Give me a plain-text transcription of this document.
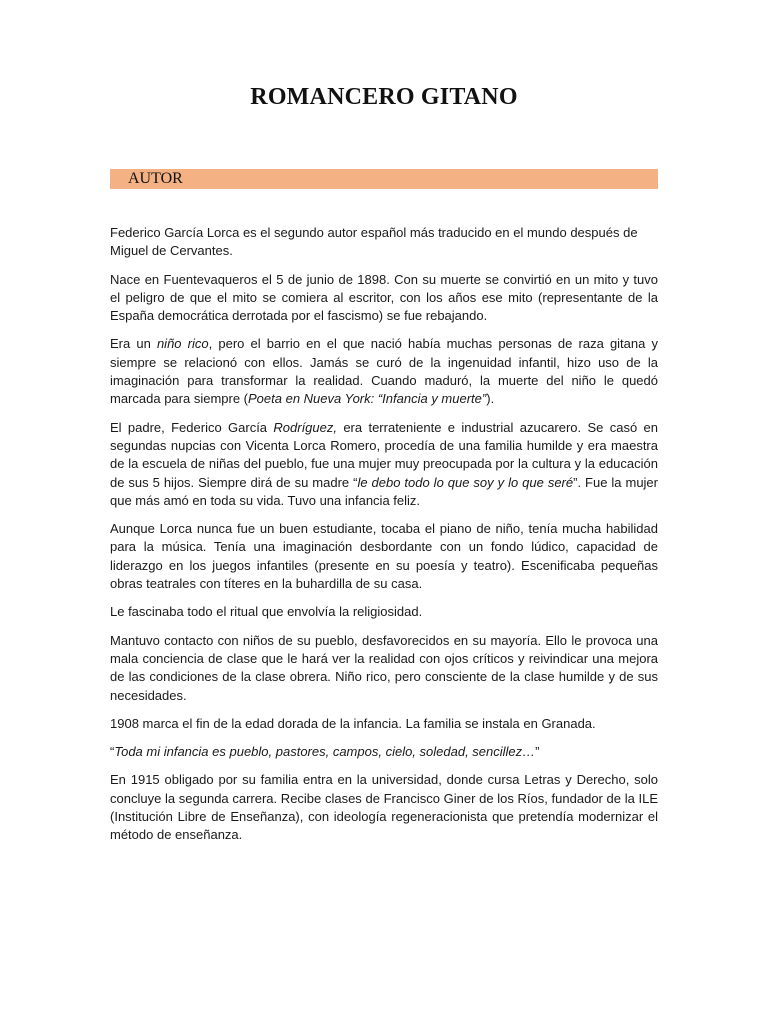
ROMANCERO GITANO
AUTOR

Federico García Lorca es el segundo autor español más traducido en el mundo después de Miguel de Cervantes.

Nace en Fuentevaqueros el 5 de junio de 1898. Con su muerte se convirtió en un mito y tuvo el peligro de que el mito se comiera al escritor, con los años ese mito (representante de la España democrática derrotada por el fascismo) se fue rebajando.

Era un niño rico, pero el barrio en el que nació había muchas personas de raza gitana y siempre se relacionó con ellos. Jamás se curó de la ingenuidad infantil, hizo uso de la imaginación para transformar la realidad. Cuando maduró, la muerte del niño le quedó marcada para siempre (Poeta en Nueva York: “Infancia y muerte”).

El padre, Federico García Rodríguez, era terrateniente e industrial azucarero. Se casó en segundas nupcias con Vicenta Lorca Romero, procedía de una familia humilde y era maestra de la escuela de niñas del pueblo, fue una mujer muy preocupada por la cultura y la educación de sus 5 hijos. Siempre dirá de su madre “le debo todo lo que soy y lo que seré”. Fue la mujer que más amó en toda su vida. Tuvo una infancia feliz.

Aunque Lorca nunca fue un buen estudiante, tocaba el piano de niño, tenía mucha habilidad para la música. Tenía una imaginación desbordante con un fondo lúdico, capacidad de liderazgo en los juegos infantiles (presente en su poesía y teatro). Escenificaba pequeñas obras teatrales con títeres en la buhardilla de su casa.

Le fascinaba todo el ritual que envolvía la religiosidad.

Mantuvo contacto con niños de su pueblo, desfavorecidos en su mayoría. Ello le provoca una mala conciencia de clase que le hará ver la realidad con ojos críticos y reivindicar una mejora de las condiciones de la clase obrera. Niño rico, pero consciente de la clase humilde y de sus necesidades.

1908 marca el fin de la edad dorada de la infancia. La familia se instala en Granada.

“Toda mi infancia es pueblo, pastores, campos, cielo, soledad, sencillez…”

En 1915 obligado por su familia entra en la universidad, donde cursa Letras y Derecho, solo concluye la segunda carrera. Recibe clases de Francisco Giner de los Ríos, fundador de la ILE (Institución Libre de Enseñanza), con ideología regeneracionista que pretendía modernizar el método de enseñanza.
